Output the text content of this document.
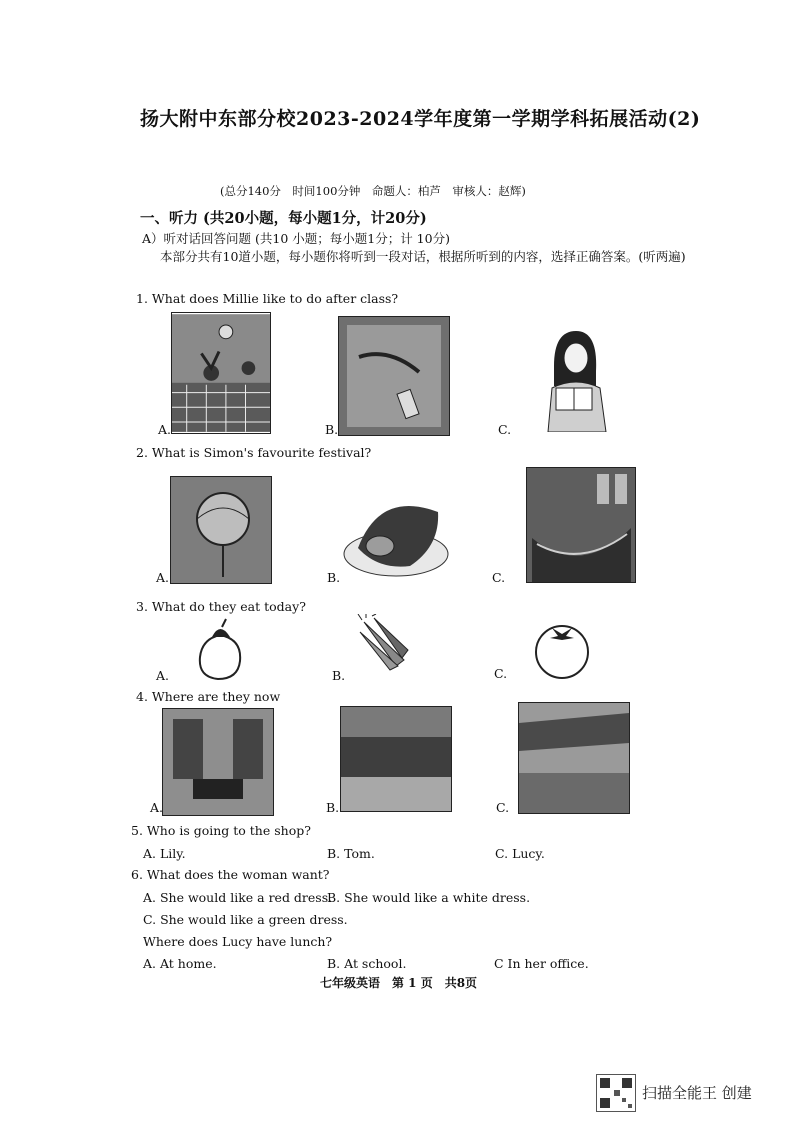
扬大附中东部分校2023-2024学年度第一学期学科拓展活动(2)
(总分140分　时间100分钟　命题人：柏芦　审核人：赵辉)
一、听力 (共20小题，每小题1分，计20分)
A）听对话回答问题 (共10 小题；每小题1分；计 10分)
本部分共有10道小题，每小题你将听到一段对话，根据所听到的内容，选择正确答案。(听两遍)
1. What does Millie like to do after class?
A.	B.	C.
2. What is Simon's favourite festival?
A.	B.	C.
3. What do they eat today?
A.	B.	C.
4. Where are they now
A.	B.	C.
5. Who is going to the shop?
A. Lily.	B. Tom.	C. Lucy.
6. What does the woman want?
A. She would like a red dress.
B. She would like a white dress.
C. She would like a green dress.
Where does Lucy have lunch?
A. At home.	B. At school.	C In her office.
七年级英语　第 1 页　共8页
扫描全能王 创建
